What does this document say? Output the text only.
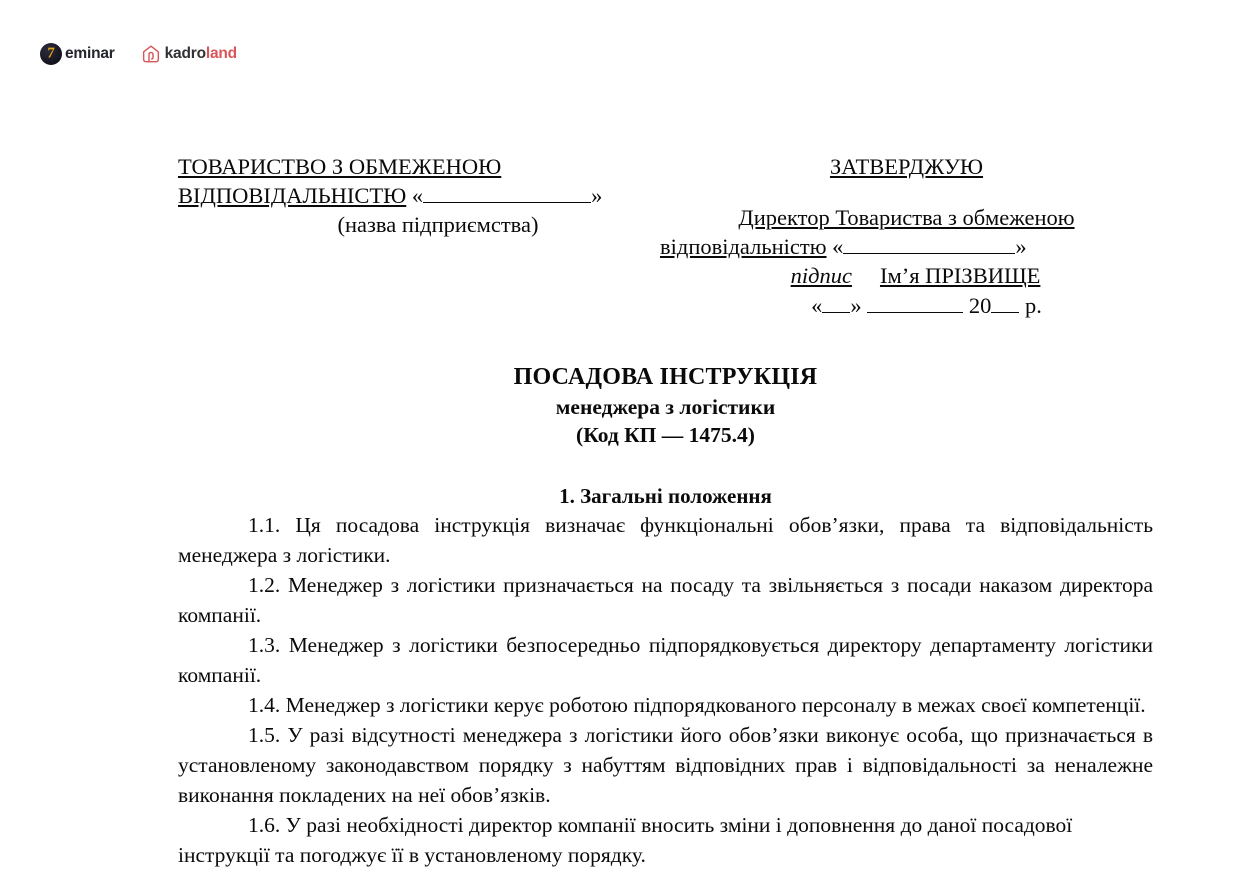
7 eminar	kadroland
ТОВАРИСТВО З ОБМЕЖЕНОЮ
ВІДПОВІДАЛЬНІСТЮ «	»
(назва підприємства)
ЗАТВЕРДЖУЮ
Директор Товариства з обмеженою
відповідальністю «	»
підпис Ім’я ПРІЗВИЩЕ
« »	20 р.
ПОСАДОВА ІНСТРУКЦІЯ
менеджера з логістики
(Код КП — 1475.4)
1. Загальні положення

1.1. Ця посадова інструкція визначає функціональні обов’язки, права та відповідальність менеджера з логістики.

1.2. Менеджер з логістики призначається на посаду та звільняється з посади наказом директора компанії.

1.3. Менеджер з логістики безпосередньо підпорядковується директору департаменту логістики компанії.

1.4. Менеджер з логістики керує роботою підпорядкованого персоналу в межах своєї компетенції.

1.5. У разі відсутності менеджера з логістики його обов’язки виконує особа, що призначається в установленому законодавством порядку з набуттям відповідних прав і відповідальності за неналежне виконання покладених на неї обов’язків.

1.6. У разі необхідності директор компанії вносить зміни і доповнення до даної посадової інструкції та погоджує її в установленому порядку.
